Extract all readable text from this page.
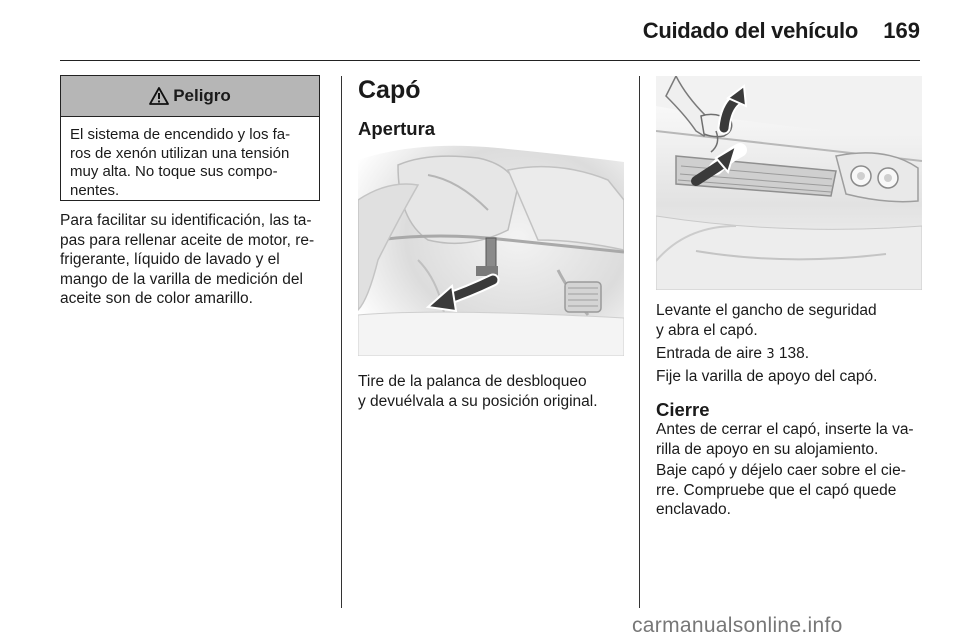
Cuidado del vehículo	169
Peligro
El sistema de encendido y los fa-
ros de xenón utilizan una tensión
muy alta. No toque sus compo-
nentes.
Para facilitar su identificación, las ta-
pas para rellenar aceite de motor, re-
frigerante, líquido de lavado y el
mango de la varilla de medición del
aceite son de color amarillo.
Capó
Apertura
Tire de la palanca de desbloqueo
y devuélvala a su posición original.
Levante el gancho de seguridad
y abra el capó.
Entrada de aire 3 138.
Fije la varilla de apoyo del capó.
Cierre
Antes de cerrar el capó, inserte la va-
rilla de apoyo en su alojamiento.
Baje capó y déjelo caer sobre el cie-
rre. Compruebe que el capó quede
enclavado.
carmanualsonline.info
